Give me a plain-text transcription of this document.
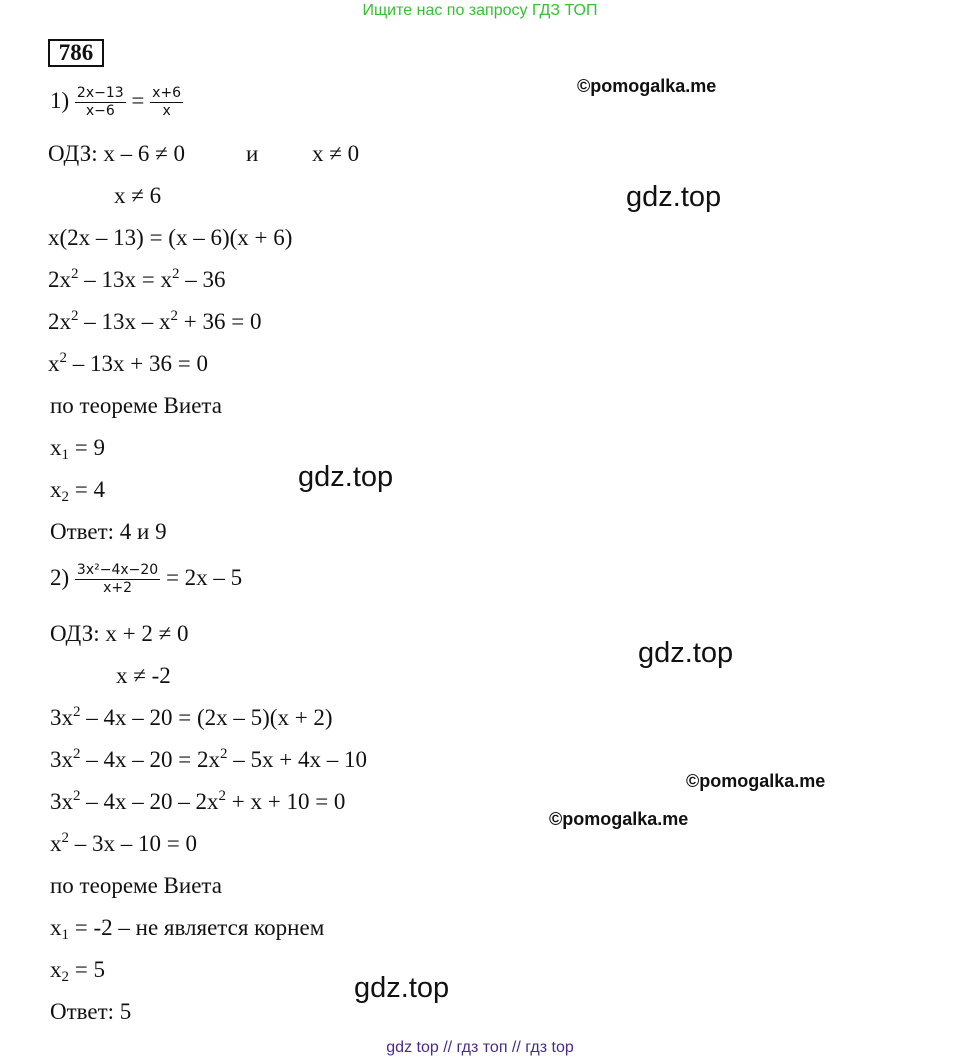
Ищите нас по запросу ГДЗ ТОП
786
©pomogalka.me
gdz.top
gdz.top
gdz.top
©pomogalka.me
©pomogalka.me
gdz.top
$1) \frac{2x-13}{x-6} = \frac{x+6}{x}$
ОДЗ: x – 6 ≠ 0	и x ≠ 0
x ≠ 6
x(2x – 13) = (x – 6)(x + 6)
$2x^2 - 13x = x^2 - 36$
$2x^2 - 13x - x^2 + 36 = 0$
$x^2 - 13x + 36 = 0$
по теореме Виета
$x_1 = 9$
$x_2 = 4$
Ответ: 4 и 9
$2) \frac{\text{3x²−4x−20}}{x+2} = 2x - 5$
ОДЗ: x + 2 ≠ 0
x ≠ -2
$3x^2 - 4x - 20 = (2x - 5)(x + 2)$
$3x^2 - 4x - 20 = 2x^2 - 5x + 4x - 10$
$3x^2 - 4x - 20 - 2x^2 + x + 10 = 0$
$x^2 - 3x - 10 = 0$
по теореме Виета
$x_1 = -2$ – не является корнем
$x_2 = 5$
Ответ: 5
gdz top // гдз топ // гдз top
